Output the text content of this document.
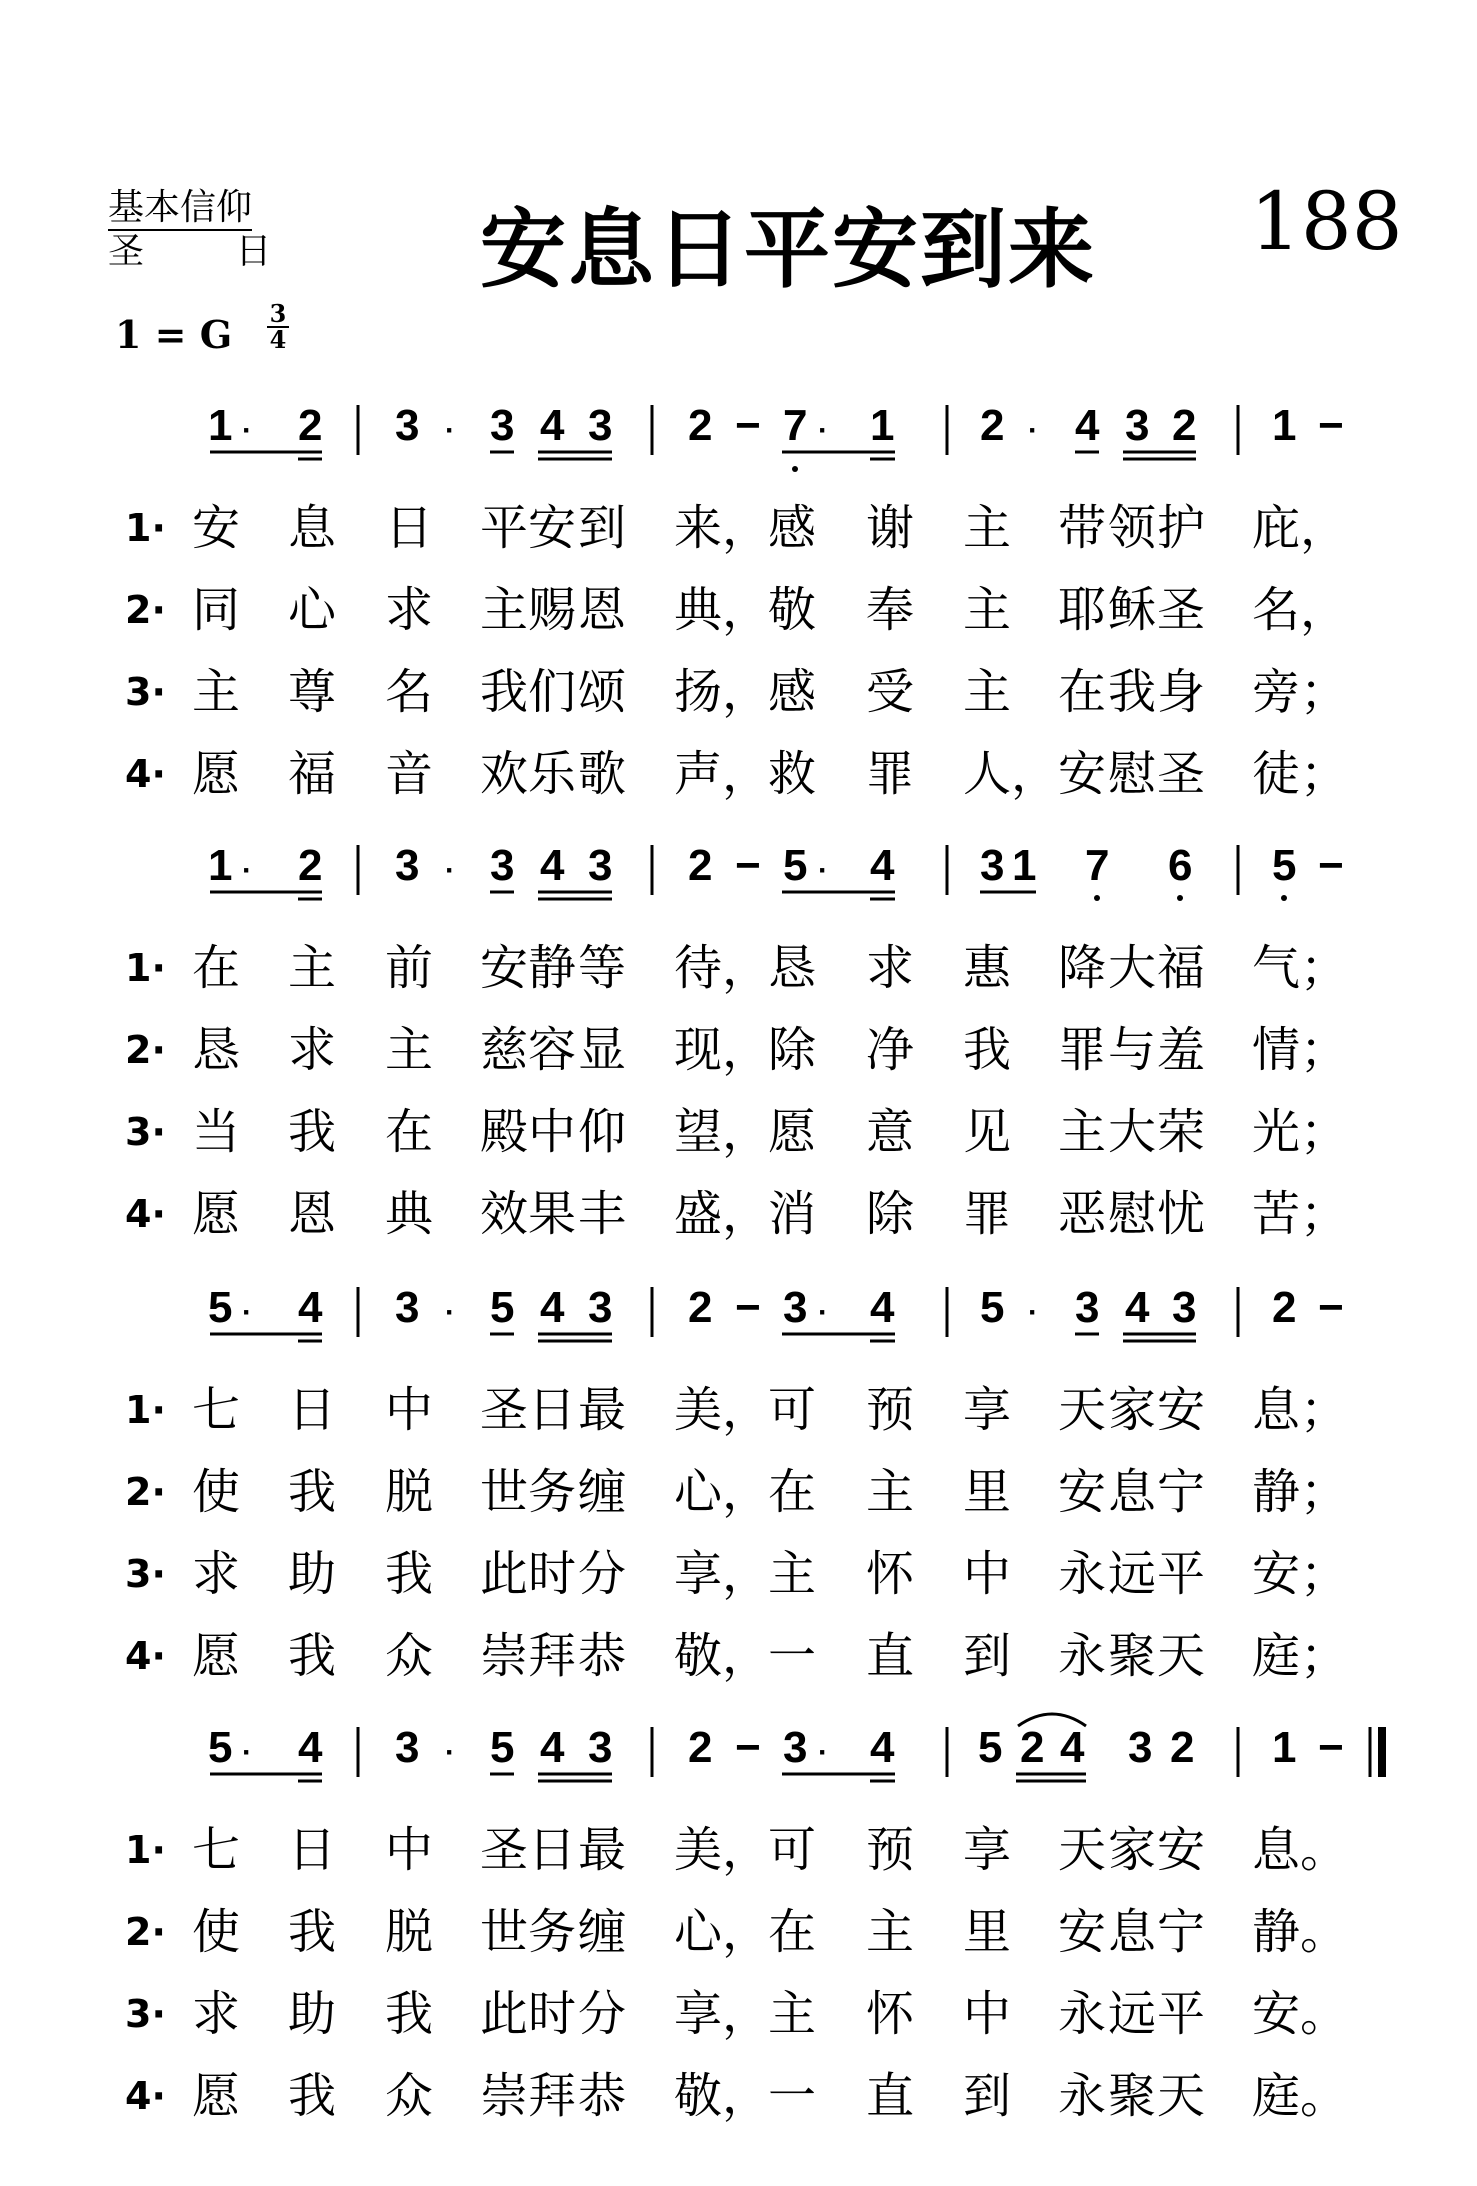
基本信仰
圣        日 安息日平安到来 188
1 = G 3
4
1 · 2 3 · 3 4 3 2 − 7 · 1 2 · 4 3 2 1 −
1 · 2 3 · 3 4 3 2 − 5 · 4 3 1 7 6 5 −
5 · 4 3 · 5 4 3 2 − 3 · 4 5 · 3 4 3 2 −
5 · 4 3 · 5 4 3 2 − 3 · 4 5 2 4 3 2 1 −
1· 安 息 日 平 安 到 来，
感 谢 主 带 领 护 庇，
2· 同 心 求 主 赐 恩 典，
敬 奉 主 耶 稣 圣 名，
3· 主 尊 名 我 们 颂 扬，
感 受 主 在 我 身 旁；
4· 愿 福 音 欢 乐 歌 声，
救 罪 人，
安 慰 圣 徒；
1· 在 主 前 安 静 等 待，
恳 求 惠 降 大 福 气；
2· 恳 求 主 慈 容 显 现，
除 净 我 罪 与 羞 情；
3· 当 我 在 殿 中 仰 望，
愿 意 见 主 大 荣 光；
4· 愿 恩 典 效 果 丰 盛，
消 除 罪 恶 慰 忧 苦；
1· 七 日 中 圣 日 最 美，
可 预 享 天 家 安 息；
2· 使 我 脱 世 务 缠 心，
在 主 里 安 息 宁 静；
3· 求 助 我 此 时 分 享，
主 怀 中 永 远 平 安；
4· 愿 我 众 崇 拜 恭 敬，
一 直 到 永 聚 天 庭；
1· 七 日 中 圣 日 最 美，
可 预 享 天 家 安 息。
2· 使 我 脱 世 务 缠 心，
在 主 里 安 息 宁 静。
3· 求 助 我 此 时 分 享，
主 怀 中 永 远 平 安。
4· 愿 我 众 崇 拜 恭 敬，
一 直 到 永 聚 天 庭。
